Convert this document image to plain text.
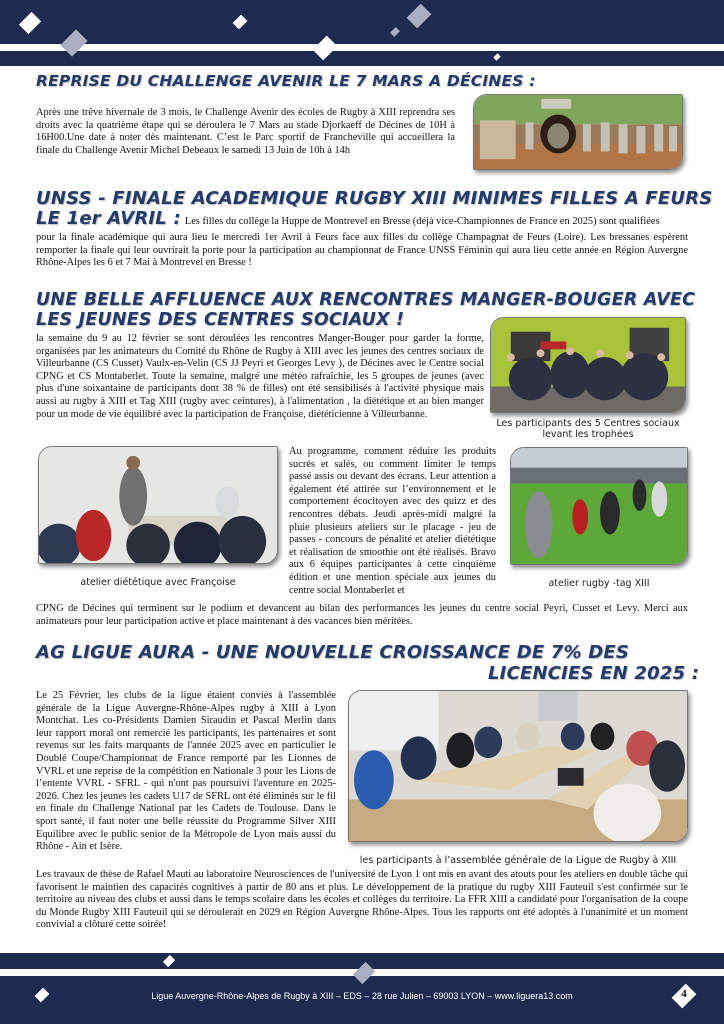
REPRISE DU CHALLENGE AVENIR LE 7 MARS A DÉCINES :

Après une trêve hivernale de 3 mois, le Challenge Avenir des écoles de Rugby à XIII reprendra ses droits avec la quatrième étape qui se déroulera le 7 Mars au stade Djorkaeff de Décines de 10H à 16H00.Une date à noter dès maintenant. C’est le Parc sportif de Francheville qui accueillera la finale du Challenge Avenir Michel Debeaux le samedi 13 Juin de 10h à 14h

UNSS - FINALE ACADEMIQUE RUGBY XIII MINIMES FILLES A FEURS
LE 1er AVRIL : Les filles du collège la Huppe de Montrevel en Bresse (déjà vice-Championnes de France en 2025) sont qualifiées

pour la finale académique qui aura lieu le mercredi 1er Avril à Feurs face aux filles du collège Champagnat de Feurs (Loire). Les bressanes espèrent remporter la finale qui leur ouvrirait la porte pour la participation au championnat de France UNSS Féminin qui aura lieu cette année en Région Auvergne Rhône-Alpes les 6 et 7 Mai à Montrevel en Bresse !

UNE BELLE AFFLUENCE AUX RENCONTRES MANGER-BOUGER AVEC
LES JEUNES DES CENTRES SOCIAUX !

la semaine du 9 au 12 février se sont déroulées les rencontres Manger-Bouger pour garder la forme, organisées par les animateurs du Comité du Rhône de Rugby à XIII avec les jeunes des centres sociaux de Villeurbanne (CS Cusset) Vaulx-en-Velin (CS JJ Peyri et Georges Levy ), de Décines avec le Centre social CPNG et CS Montaberlet. Toute la semaine, malgré une météo rafraîchie, les 5 groupes de jeunes (avec plus d'une soixantaine de participants dont 38 % de filles) ont été sensibilisés à l'activité physique mais aussi au rugby à XIII et Tag XIII (rugby avec ceintures), à l'alimentation , la diététique et au bien manger pour un mode de vie équilibré avec la participation de Françoise, diététicienne à Villeurbanne.

Les participants des 5 Centres sociaux levant les trophées

atelier diététique avec Françoise

Au programme, comment réduire les produits sucrés et salés, ou comment limiter le temps passé assis ou devant des écrans. Leur attention a également été attirée sur l’environnement et le comportement écocitoyen avec des quizz et des rencontres débats. Jeudi après-midi malgré la pluie plusieurs ateliers sur le placage - jeu de passes - concours de pénalité et atelier diététique et réalisation de smoothie ont été réalisés. Bravo aux 6 équipes participantes à cette cinquième édition et une mention spéciale aux jeunes du centre social Montaberlet et

atelier rugby -tag XIII

CPNG de Décines qui terminent sur le podium et devancent au bilan des performances les jeunes du centre social Peyri, Cusset et Levy. Merci aux animateurs pour leur participation active et place maintenant à des vacances bien méritées.

AG LIGUE AURA - UNE NOUVELLE CROISSANCE DE 7% DES
LICENCIES EN 2025 :

Le 25 Février, les clubs de la ligue étaient conviés à l'assemblée générale de la Ligue Auvergne-Rhône-Alpes rugby à XIII à Lyon Montchat. Les co-Présidents Damien Siraudin et Pascal Merlin dans leur rapport moral ont remercié les participants, les partenaires et sont revenus sur les faits marquants de l'année 2025 avec en particulier le Doublé Coupe/Championnat de France remporté par les Lionnes de VVRL et une reprise de la compétition en Nationale 3 pour les Lions de l’entente VVRL - SFRL - qui n'ont pas poursuivi l'aventure en 2025-2026. Chez les jeunes les cadets U17 de SFRL ont été éliminés sur le fil en finale du Challenge National par les Cadets de Toulouse. Dans le sport santé, il faut noter une belle réussite du Programme Silver XIII Equilibre avec le public senior de la Métropole de Lyon mais aussi du Rhône - Ain et Isère.

les participants à l’assemblée générale de la Ligue de Rugby à XIII

Les travaux de thèse de Rafael Mauti au laboratoire Neurosciences de l'université de Lyon 1 ont mis en avant des atouts pour les ateliers en double tâche qui favorisent le maintien des capacités cognitives à partir de 80 ans et plus. Le développement de la pratique du rugby XIII Fauteuil s'est confirmée sur le territoire au niveau des clubs et aussi dans le temps scolaire dans les écoles et collèges du territoire. La FFR XIII a candidaté pour l'organisation de la coupe du Monde Rugby XIII Fauteuil qui se déroulerait en 2029 en Région Auvergne Rhône-Alpes. Tous les rapports ont été adoptés à l'unanimité et un moment convivial a clôturé cette soirée!

Ligue Auvergne-Rhône-Alpes de Rugby à XIII – EDS – 28 rue Julien – 69003 LYON – www.liguera13.com	4
